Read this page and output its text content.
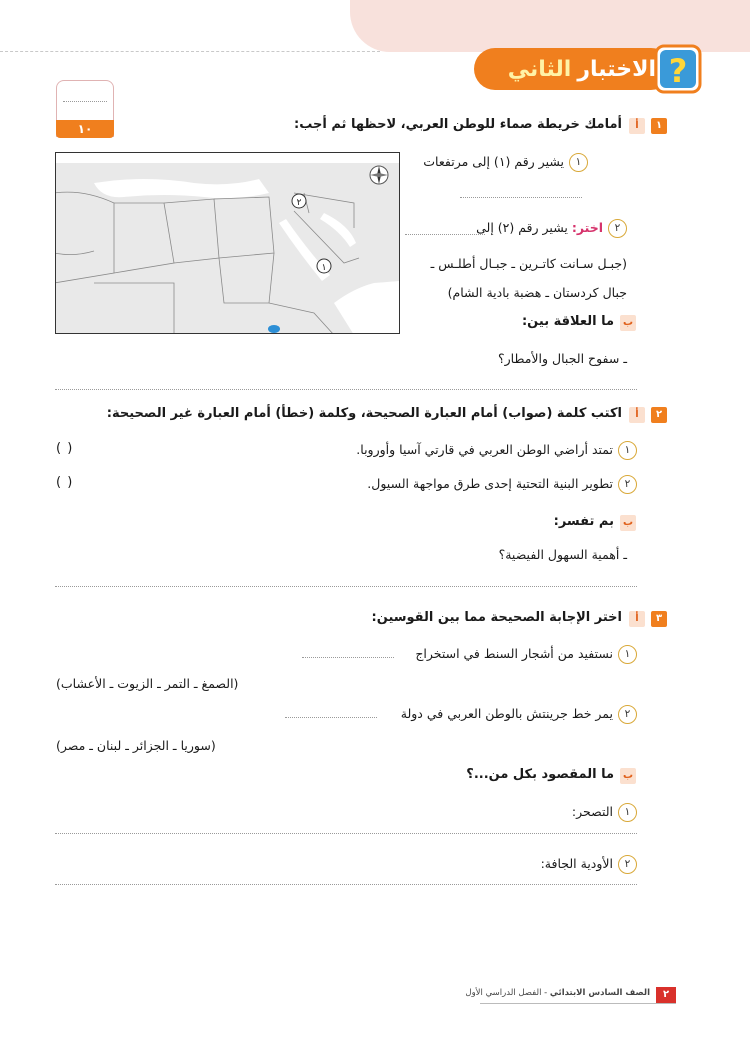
الاختبار
الثاني	?
١٠	١
أ
أمامك خريطة صماء للوطن العربي، لاحظها ثم أجب:
٢
١
١يشير رقم (١) إلى مرتفعات
٢اختر: يشير رقم (٢) إلى
(جبـل سـانت كاتـرين ـ جبـال أطلـس ـ
جبال كردستان ـ هضبة بادية الشام)
ب
ما العلاقة بين:
ـ سفوح الجبال والأمطار؟
٢
أ
اكتب كلمة (صواب) أمام العبارة الصحيحة، وكلمة (خطأ) أمام العبارة غير الصحيحة:
١تمتد أراضي الوطن العربي في قارتي آسيا وأوروبا.
( )
٢تطوير البنية التحتية إحدى طرق مواجهة السيول.
( )
ب
بم تفسر:
ـ أهمية السهول الفيضية؟
٣
أ
اختر الإجابة الصحيحة مما بين القوسين:
١نستفيد من أشجار السنط في استخراج
(الصمغ ـ التمر ـ الزيوت ـ الأعشاب)
٢يمر خط جرينتش بالوطن العربي في دولة
(سوريا ـ الجزائر ـ لبنان ـ مصر)
ب
ما المقصود بكل من...؟
١التصحر:
٢الأودية الجافة:
٢
الصف السادس الابتدائي - الفصل الدراسي الأول
